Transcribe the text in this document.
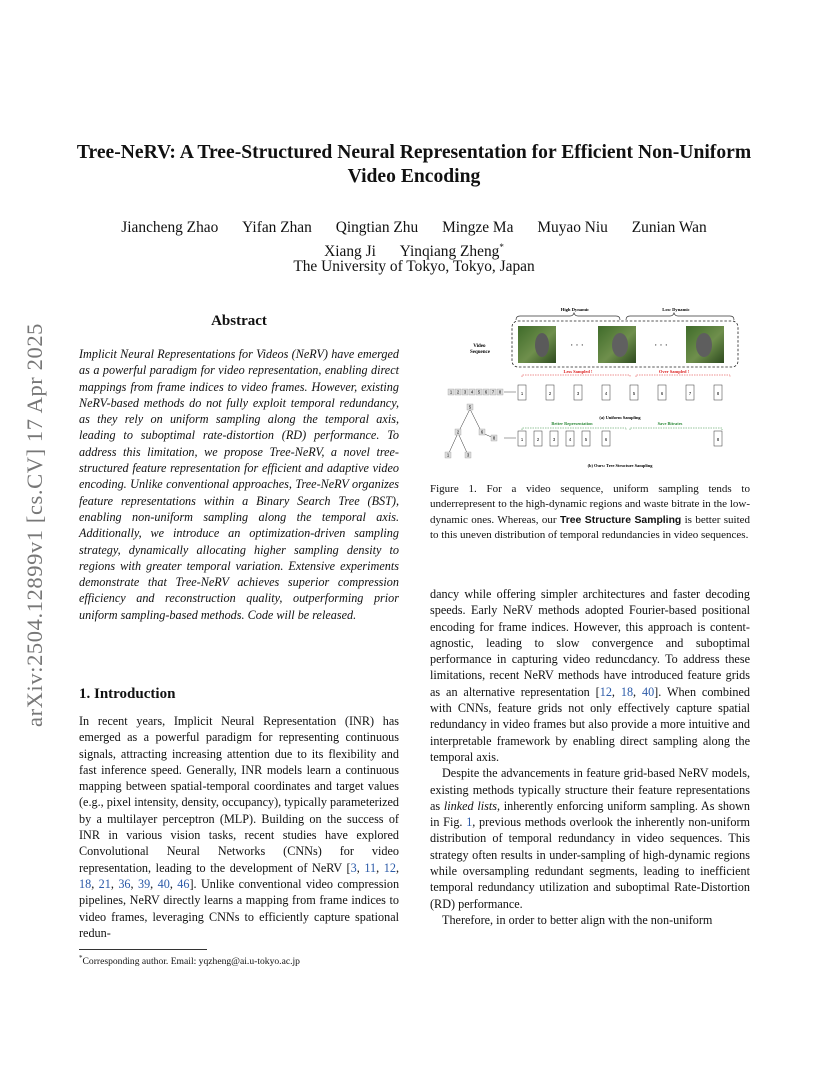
arXiv:2504.12899v1 [cs.CV] 17 Apr 2025
Tree-NeRV: A Tree-Structured Neural Representation for Efficient Non-Uniform Video Encoding
Jiancheng Zhao Yifan Zhan Qingtian Zhu Mingze Ma Muyao Niu Zunian Wan
Xiang Ji Yinqiang Zheng*
The University of Tokyo, Tokyo, Japan
Abstract

Implicit Neural Representations for Videos (NeRV) have emerged as a powerful paradigm for video representation, enabling direct mappings from frame indices to video frames. However, existing NeRV-based methods do not fully exploit temporal redundancy, as they rely on uniform sampling along the temporal axis, leading to suboptimal rate-distortion (RD) performance. To address this limitation, we propose Tree-NeRV, a novel tree-structured feature representation for efficient and adaptive video encoding. Unlike conventional approaches, Tree-NeRV organizes feature representations within a Binary Search Tree (BST), enabling non-uniform sampling along the temporal axis. Additionally, we introduce an optimization-driven sampling strategy, dynamically allocating higher sampling density to regions with greater temporal variation. Extensive experiments demonstrate that Tree-NeRV achieves superior compression efficiency and reconstruction quality, outperforming prior uniform sampling-based methods. Code will be released.

1. Introduction

In recent years, Implicit Neural Representation (INR) has emerged as a powerful paradigm for representing continuous signals, attracting increasing attention due to its flexibility and fast inference speed. Generally, INR models learn a continuous mapping between spatial-temporal coordinates and target values (e.g., pixel intensity, density, occupancy), typically parameterized by a multilayer perceptron (MLP). Building on the success of INR in various vision tasks, recent studies have explored Convolutional Neural Networks (CNNs) for video representation, leading to the development of NeRV [3, 11, 12, 18, 21, 36, 39, 40, 46]. Unlike conventional video compression pipelines, NeRV directly learns a mapping from frame indices to video frames, leveraging CNNs to efficiently capture spational redun-

*Corresponding author. Email: yqzheng@ai.u-tokyo.ac.jp
High Dynamic	Low Dynamic
Video Sequence
· · ·	· · ·
Less Sampled !	Over Sampled !
1 2 3 4 5 6 7 8	1	2	3	4	5	6	7	8
(a) Uniform Sampling
5
2	6
8
1	3
Better Representation	Save Bitrates
1	2	3	4	5	6	8
(b) Ours: Tree Structure Sampling

Figure 1. For a video sequence, uniform sampling tends to underrepresent to the high-dynamic regions and waste bitrate in the low-dynamic ones. Whereas, our Tree Structure Sampling is better suited to this uneven distribution of temporal redundancies in video sequences.

dancy while offering simpler architectures and faster decoding speeds. Early NeRV methods adopted Fourier-based positional encoding for frame indices. However, this approach is content-agnostic, leading to slow convergence and suboptimal performance in capturing video reduncdancy. To address these limitations, recent NeRV methods have introduced feature grids as an alternative representation [12, 18, 40]. When combined with CNNs, feature grids not only effectively capture spatial redundancy in video frames but also provide a more intuitive and interpretable framework by enabling direct sampling along the temporal axis.

Despite the advancements in feature grid-based NeRV models, existing methods typically structure their feature representations as linked lists, inherently enforcing uniform sampling. As shown in Fig. 1, previous methods overlook the inherently non-uniform distribution of temporal redundancy in video sequences. This strategy often results in under-sampling of high-dynamic regions while oversampling redundant segments, leading to inefficient temporal redundancy utilization and suboptimal Rate-Distortion (RD) performance.

Therefore, in order to better align with the non-uniform
